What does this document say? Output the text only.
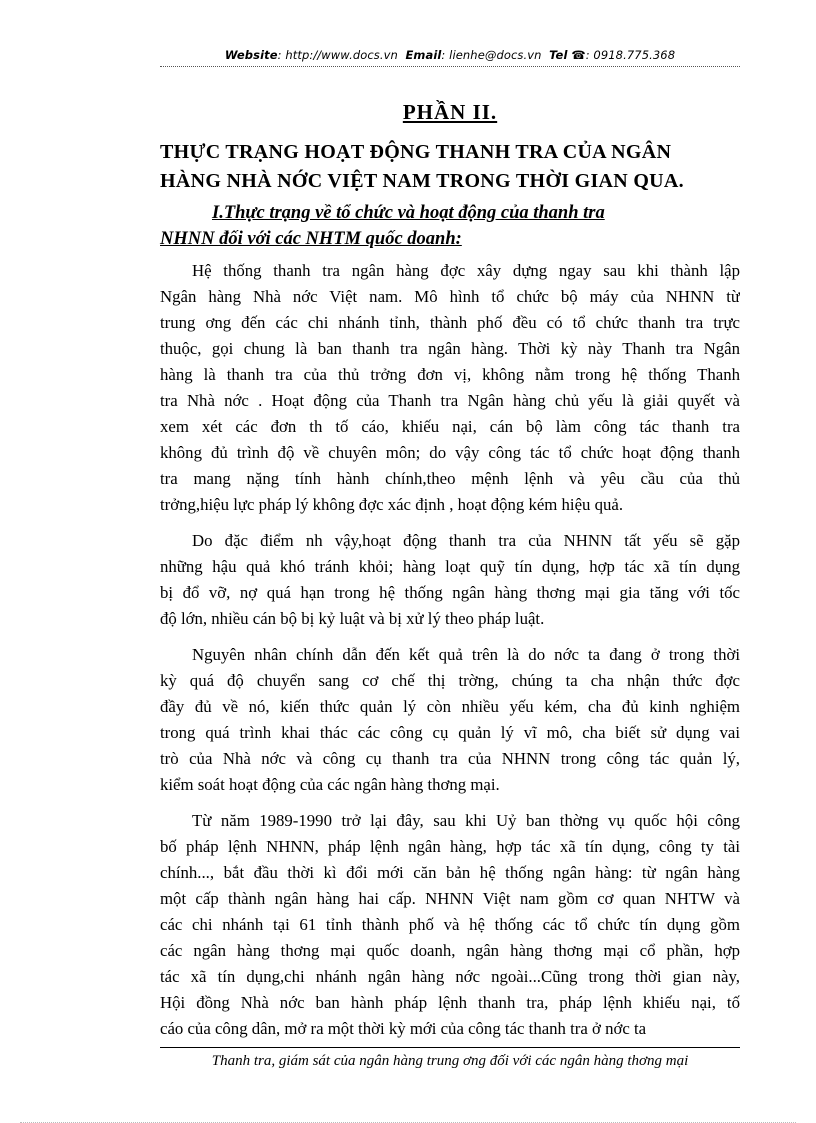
Website: http://www.docs.vn Email: lienhe@docs.vn Tel ☎: 0918.775.368
PHẦN II.
THỰC TRẠNG HOẠT ĐỘNG THANH TRA CỦA NGÂN
HÀNG NHÀ NỚC VIỆT NAM TRONG THỜI GIAN QUA.
I.Thực trạng về tổ chức và hoạt động của thanh tra
NHNN đối với các NHTM quốc doanh:
Hệ thống thanh tra ngân hàng đợc xây dựng ngay sau khi thành lập
Ngân hàng Nhà nớc Việt nam. Mô hình tổ chức bộ máy của NHNN từ
trung ơng đến các chi nhánh tỉnh, thành phố đều có tổ chức thanh tra trực
thuộc, gọi chung là ban thanh tra ngân hàng. Thời kỳ này Thanh tra Ngân
hàng là thanh tra của thủ trởng đơn vị, không nằm trong hệ thống Thanh
tra Nhà nớc . Hoạt động của Thanh tra Ngân hàng chủ yếu là giải quyết và
xem xét các đơn th tố cáo, khiếu nại, cán bộ làm công tác thanh tra
không đủ trình độ về chuyên môn; do vậy công tác tổ chức hoạt động thanh
tra mang nặng tính hành chính,theo mệnh lệnh và yêu cầu của thủ
trởng,hiệu lực pháp lý không đợc xác định , hoạt động kém hiệu quả.
Do đặc điểm nh vậy,hoạt động thanh tra của NHNN tất yếu sẽ gặp
những hậu quả khó tránh khỏi; hàng loạt quỹ tín dụng, hợp tác xã tín dụng
bị đổ vỡ, nợ quá hạn trong hệ thống ngân hàng thơng mại gia tăng với tốc
độ lớn, nhiều cán bộ bị kỷ luật và bị xử lý theo pháp luật.
Nguyên nhân chính dẫn đến kết quả trên là do nớc ta đang ở trong thời
kỳ quá độ chuyển sang cơ chế thị trờng, chúng ta cha nhận thức đợc
đầy đủ về nó, kiến thức quản lý còn nhiều yếu kém, cha đủ kinh nghiệm
trong quá trình khai thác các công cụ quản lý vĩ mô, cha biết sử dụng vai
trò của Nhà nớc và công cụ thanh tra của NHNN trong công tác quản lý,
kiểm soát hoạt động của các ngân hàng thơng mại.
Từ năm 1989-1990 trở lại đây, sau khi Uỷ ban thờng vụ quốc hội công
bố pháp lệnh NHNN, pháp lệnh ngân hàng, hợp tác xã tín dụng, công ty tài
chính..., bắt đầu thời kì đổi mới căn bản hệ thống ngân hàng: từ ngân hàng
một cấp thành ngân hàng hai cấp. NHNN Việt nam gồm cơ quan NHTW và
các chi nhánh tại 61 tỉnh thành phố và hệ thống các tổ chức tín dụng gồm
các ngân hàng thơng mại quốc doanh, ngân hàng thơng mại cổ phần, hợp
tác xã tín dụng,chi nhánh ngân hàng nớc ngoài...Cũng trong thời gian này,
Hội đồng Nhà nớc ban hành pháp lệnh thanh tra, pháp lệnh khiếu nại, tố
cáo của công dân, mở ra một thời kỳ mới của công tác thanh tra ở nớc ta
Thanh tra, giám sát của ngân hàng trung ơng đối với các ngân hàng thơng mại
